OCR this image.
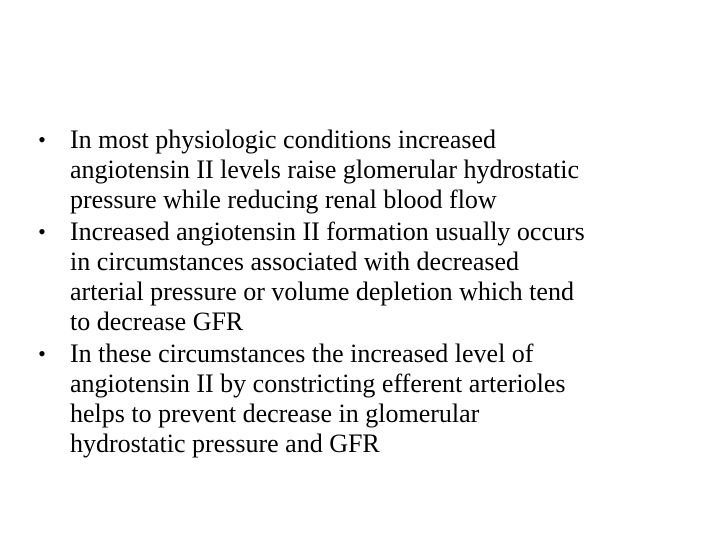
• In most physiologic conditions increased
angiotensin II levels raise glomerular hydrostatic
pressure while reducing renal blood flow
• Increased angiotensin II formation usually occurs
in circumstances associated with decreased
arterial pressure or volume depletion which tend
to decrease GFR
• In these circumstances the increased level of
angiotensin II by constricting efferent arterioles
helps to prevent decrease in glomerular
hydrostatic pressure and GFR
